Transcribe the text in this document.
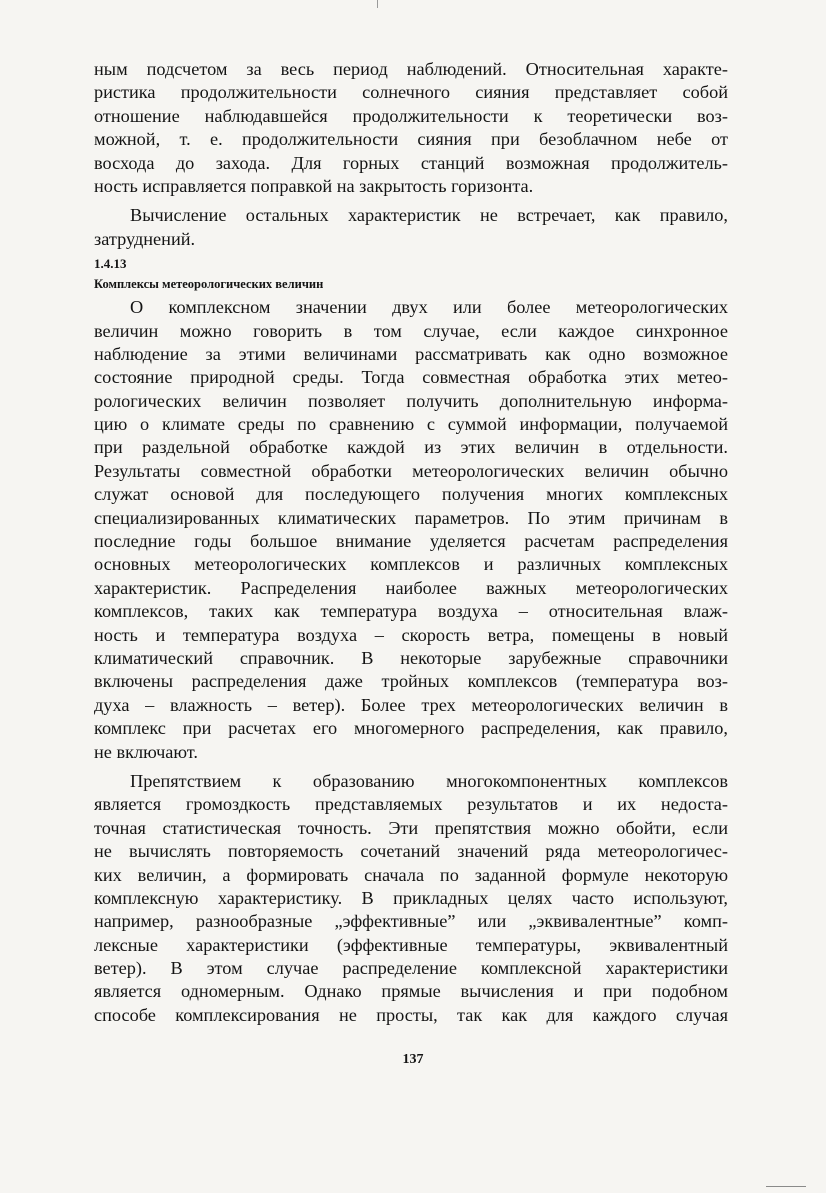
ным подсчетом за весь период наблюдений. Относительная характе-
ристика продолжительности солнечного сияния представляет собой
отношение наблюдавшейся продолжительности к теоретически воз-
можной, т. е. продолжительности сияния при безоблачном небе от
восхода до захода. Для горных станций возможная продолжитель-
ность исправляется поправкой на закрытость горизонта.
Вычисление остальных характеристик не встречает, как правило,
затруднений.
1.4.13
Комплексы метеорологических величин
О комплексном значении двух или более метеорологических
величин можно говорить в том случае, если каждое синхронное
наблюдение за этими величинами рассматривать как одно возможное
состояние природной среды. Тогда совместная обработка этих метео-
рологических величин позволяет получить дополнительную информа-
цию о климате среды по сравнению с суммой информации, получаемой
при раздельной обработке каждой из этих величин в отдельности.
Результаты совместной обработки метеорологических величин обычно
служат основой для последующего получения многих комплексных
специализированных климатических параметров. По этим причинам в
последние годы большое внимание уделяется расчетам распределения
основных метеорологических комплексов и различных комплексных
характеристик. Распределения наиболее важных метеорологических
комплексов, таких как температура воздуха – относительная влаж-
ность и температура воздуха – скорость ветра, помещены в новый
климатический справочник. В некоторые зарубежные справочники
включены распределения даже тройных комплексов (температура воз-
духа – влажность – ветер). Более трех метеорологических величин в
комплекс при расчетах его многомерного распределения, как правило,
не включают.
Препятствием к образованию многокомпонентных комплексов
является громоздкость представляемых результатов и их недоста-
точная статистическая точность. Эти препятствия можно обойти, если
не вычислять повторяемость сочетаний значений ряда метеорологичес-
ких величин, а формировать сначала по заданной формуле некоторую
комплексную характеристику. В прикладных целях часто используют,
например, разнообразные „эффективные” или „эквивалентные” комп-
лексные характеристики (эффективные температуры, эквивалентный
ветер). В этом случае распределение комплексной характеристики
является одномерным. Однако прямые вычисления и при подобном
способе комплексирования не просты, так как для каждого случая
137
